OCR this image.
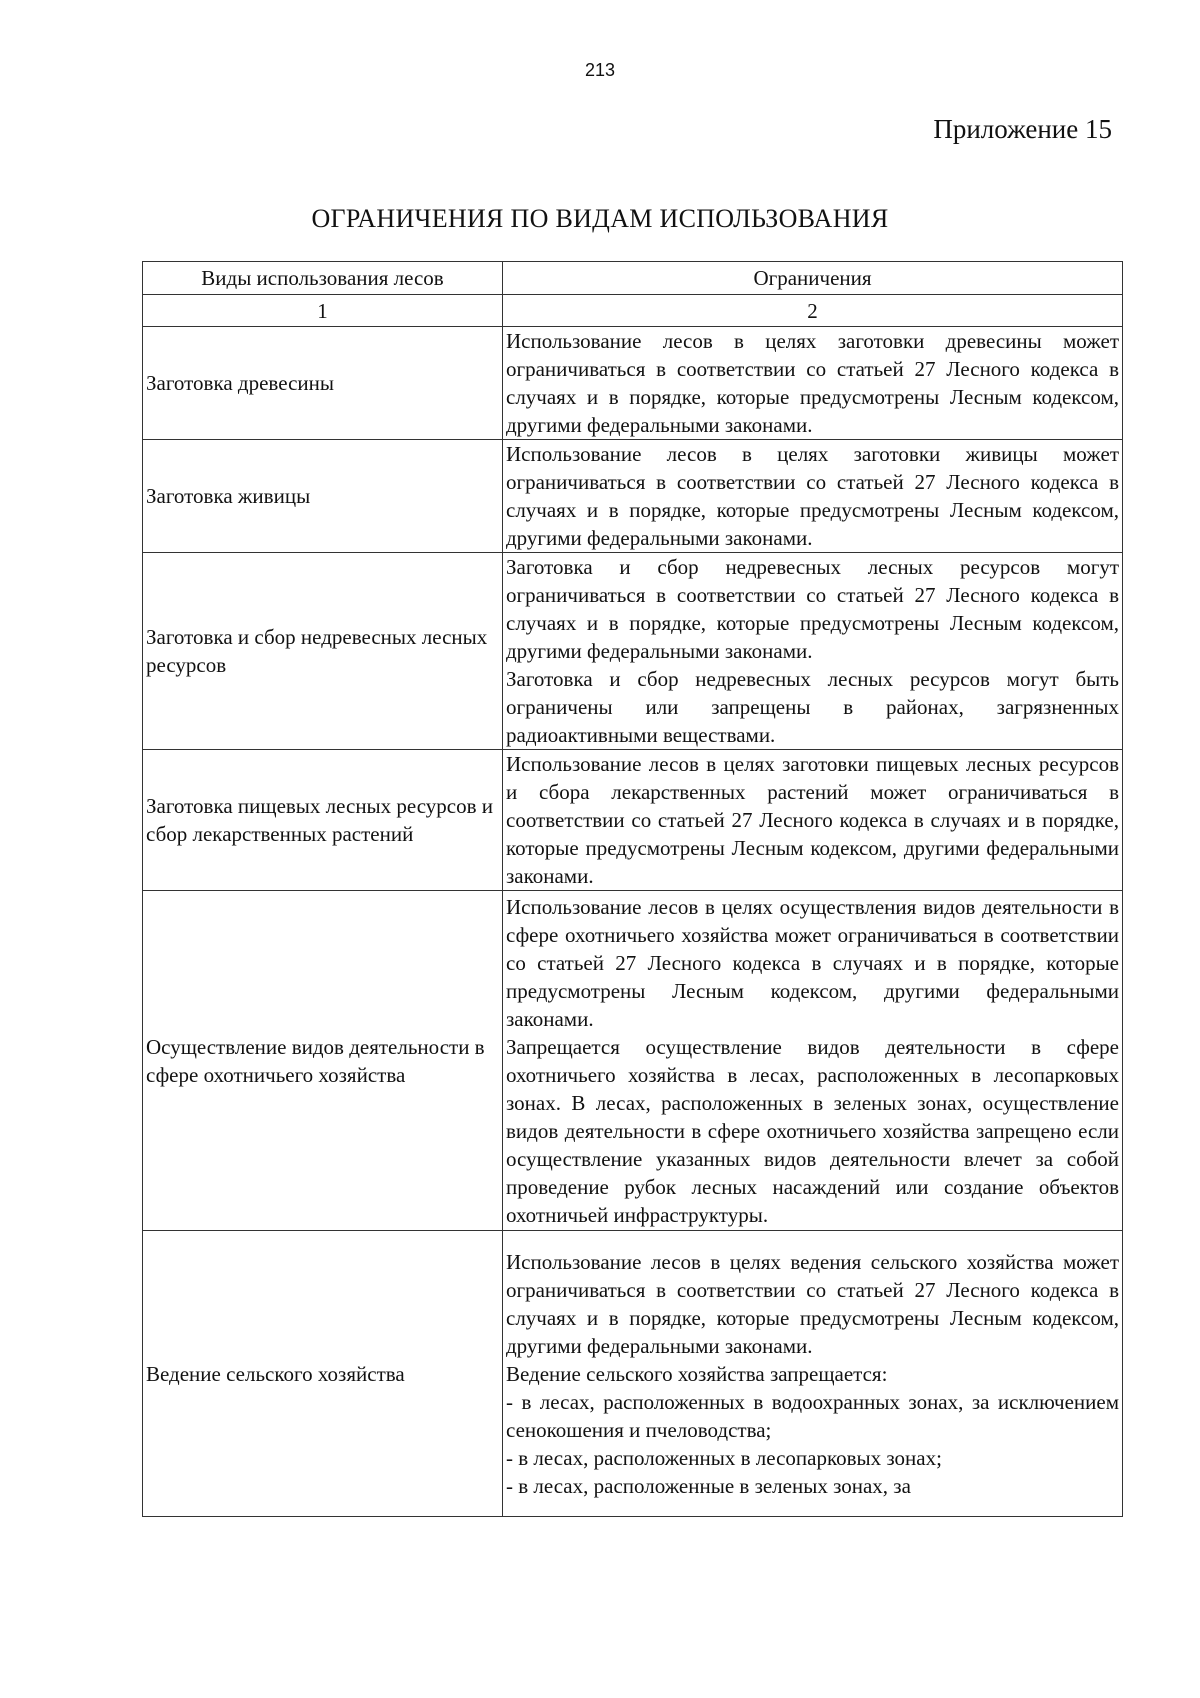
213
Приложение 15
ОГРАНИЧЕНИЯ ПО ВИДАМ ИСПОЛЬЗОВАНИЯ
Виды использования лесов	Ограничения
1	2
Заготовка древесины	Использование лесов в целях заготовки древесины может ограничиваться в соответствии со статьей 27 Лесного кодекса в случаях и в порядке, которые предусмотрены Лесным кодексом, другими федеральными законами.

Заготовка живицы	Использование лесов в целях заготовки живицы может ограничиваться в соответствии со статьей 27 Лесного кодекса в случаях и в порядке, которые предусмотрены Лесным кодексом, другими федеральными законами.

Заготовка и сбор недревесных лесных ресурсов	Заготовка и сбор недревесных лесных ресурсов могут ограничиваться в соответствии со статьей 27 Лесного кодекса в случаях и в порядке, которые предусмотрены Лесным кодексом, другими федеральными законами.

Заготовка и сбор недревесных лесных ресурсов могут быть ограничены или запрещены в районах, загрязненных радиоактивными веществами.

Заготовка пищевых лесных ресурсов и сбор лекарственных растений	Использование лесов в целях заготовки пищевых лесных ресурсов и сбора лекарственных растений может ограничиваться в соответствии со статьей 27 Лесного кодекса в случаях и в порядке, которые предусмотрены Лесным кодексом, другими федеральными законами.

Осуществление видов деятельности в сфере охотничьего хозяйства	Использование лесов в целях осуществления видов деятельности в сфере охотничьего хозяйства может ограничиваться в соответствии со статьей 27 Лесного кодекса в случаях и в порядке, которые предусмотрены Лесным кодексом, другими федеральными законами.

Запрещается осуществление видов деятельности в сфере охотничьего хозяйства в лесах, расположенных в лесопарковых зонах. В лесах, расположенных в зеленых зонах, осуществление видов деятельности в сфере охотничьего хозяйства запрещено если осуществление указанных видов деятельности влечет за собой проведение рубок лесных насаждений или создание объектов охотничьей инфраструктуры.

Ведение сельского хозяйства	Использование лесов в целях ведения сельского хозяйства может ограничиваться в соответствии со статьей 27 Лесного кодекса в случаях и в порядке, которые предусмотрены Лесным кодексом, другими федеральными законами.

Ведение сельского хозяйства запрещается:

- в лесах, расположенных в водоохранных зонах, за исключением сенокошения и пчеловодства;

- в лесах, расположенных в лесопарковых зонах;

- в лесах, расположенные в зеленых зонах, за
